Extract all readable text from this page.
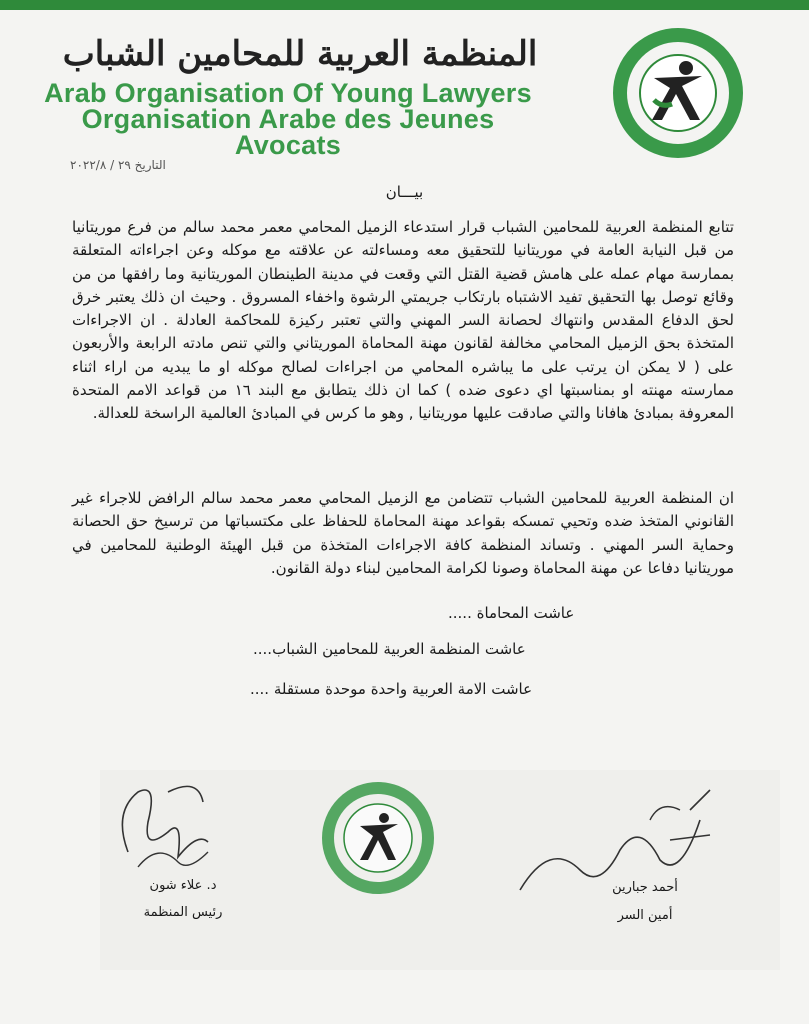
المنظمة العربية للمحامين الشباب
Arab Organisation Of Young Lawyers
Organisation Arabe des Jeunes Avocats
التاريخ ٢٩ / ٢٠٢٢/٨
بيـــان

تتابع المنظمة العربية للمحامين الشباب قرار استدعاء الزميل المحامي معمر محمد سالم من فرع موريتانيا من قبل النيابة العامة في موريتانيا للتحقيق معه ومساءلته عن علاقته مع موكله وعن اجراءاته المتعلقة بممارسة مهام عمله على هامش قضية القتل التي وقعت في مدينة الطينطان الموريتانية وما رافقها من من وقائع توصل بها التحقيق تفيد الاشتباه بارتكاب جريمتي الرشوة واخفاء المسروق . وحيث ان ذلك يعتبر خرق لحق الدفاع المقدس وانتهاك لحصانة السر المهني والتي تعتبر ركيزة للمحاكمة العادلة . ان الاجراءات المتخذة بحق الزميل المحامي مخالفة لقانون مهنة المحاماة الموريتاني والتي تنص مادته الرابعة والأربعون على ( لا يمكن ان يرتب على ما يباشره المحامي من اجراءات لصالح موكله او ما يبديه من اراء اثناء ممارسته مهنته او بمناسبتها اي دعوى ضده ) كما ان ذلك يتطابق مع البند ١٦ من قواعد الامم المتحدة المعروفة بمبادئ هافانا والتي صادقت عليها موريتانيا , وهو ما كرس في المبادئ العالمية الراسخة للعدالة.

ان المنظمة العربية للمحامين الشباب تتضامن مع الزميل المحامي معمر محمد سالم الرافض للاجراء غير القانوني المتخذ ضده وتحيي تمسكه بقواعد مهنة المحاماة للحفاظ على مكتسباتها من ترسيخ حق الحصانة وحماية السر المهني . وتساند المنظمة كافة الاجراءات المتخذة من قبل الهيئة الوطنية للمحامين في موريتانيا دفاعا عن مهنة المحاماة وصونا لكرامة المحامين لبناء دولة القانون.

عاشت المحاماة .....
عاشت المنظمة العربية للمحامين الشباب....
عاشت الامة العربية واحدة موحدة مستقلة ....
د. علاء شون
رئيس المنظمة
أحمد جبارين
أمين السر
